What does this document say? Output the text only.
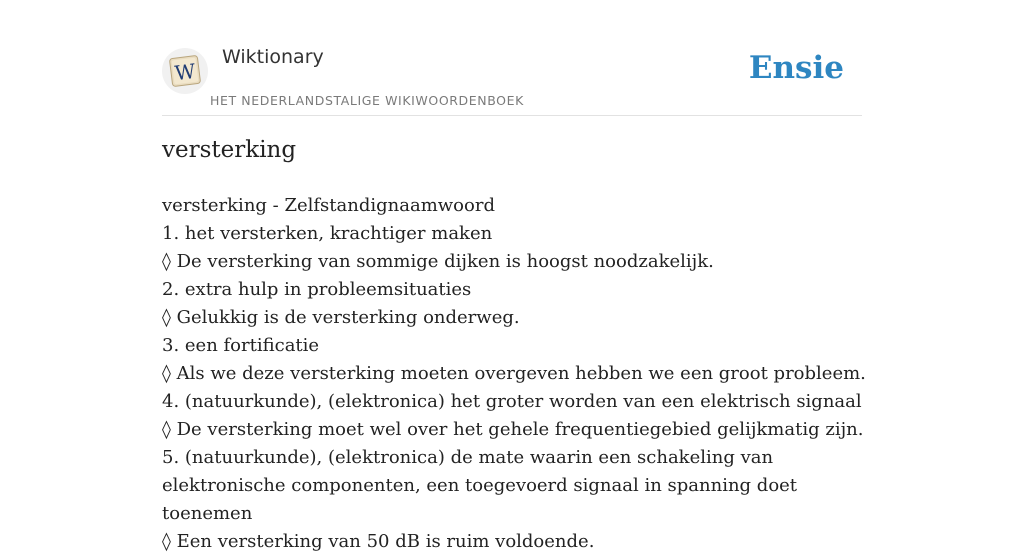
W
Wiktionary
HET NEDERLANDSTALIGE WIKIWOORDENBOEK
Ensie
versterking
versterking - Zelfstandignaamwoord
1. het versterken, krachtiger maken
◊ De versterking van sommige dijken is hoogst noodzakelijk.
2. extra hulp in probleemsituaties
◊ Gelukkig is de versterking onderweg.
3. een fortificatie
◊ Als we deze versterking moeten overgeven hebben we een groot probleem.
4. (natuurkunde), (elektronica) het groter worden van een elektrisch signaal
◊ De versterking moet wel over het gehele frequentiegebied gelijkmatig zijn.
5. (natuurkunde), (elektronica) de mate waarin een schakeling van elektronische componenten, een toegevoerd signaal in spanning doet toenemen
◊ Een versterking van 50 dB is ruim voldoende.
